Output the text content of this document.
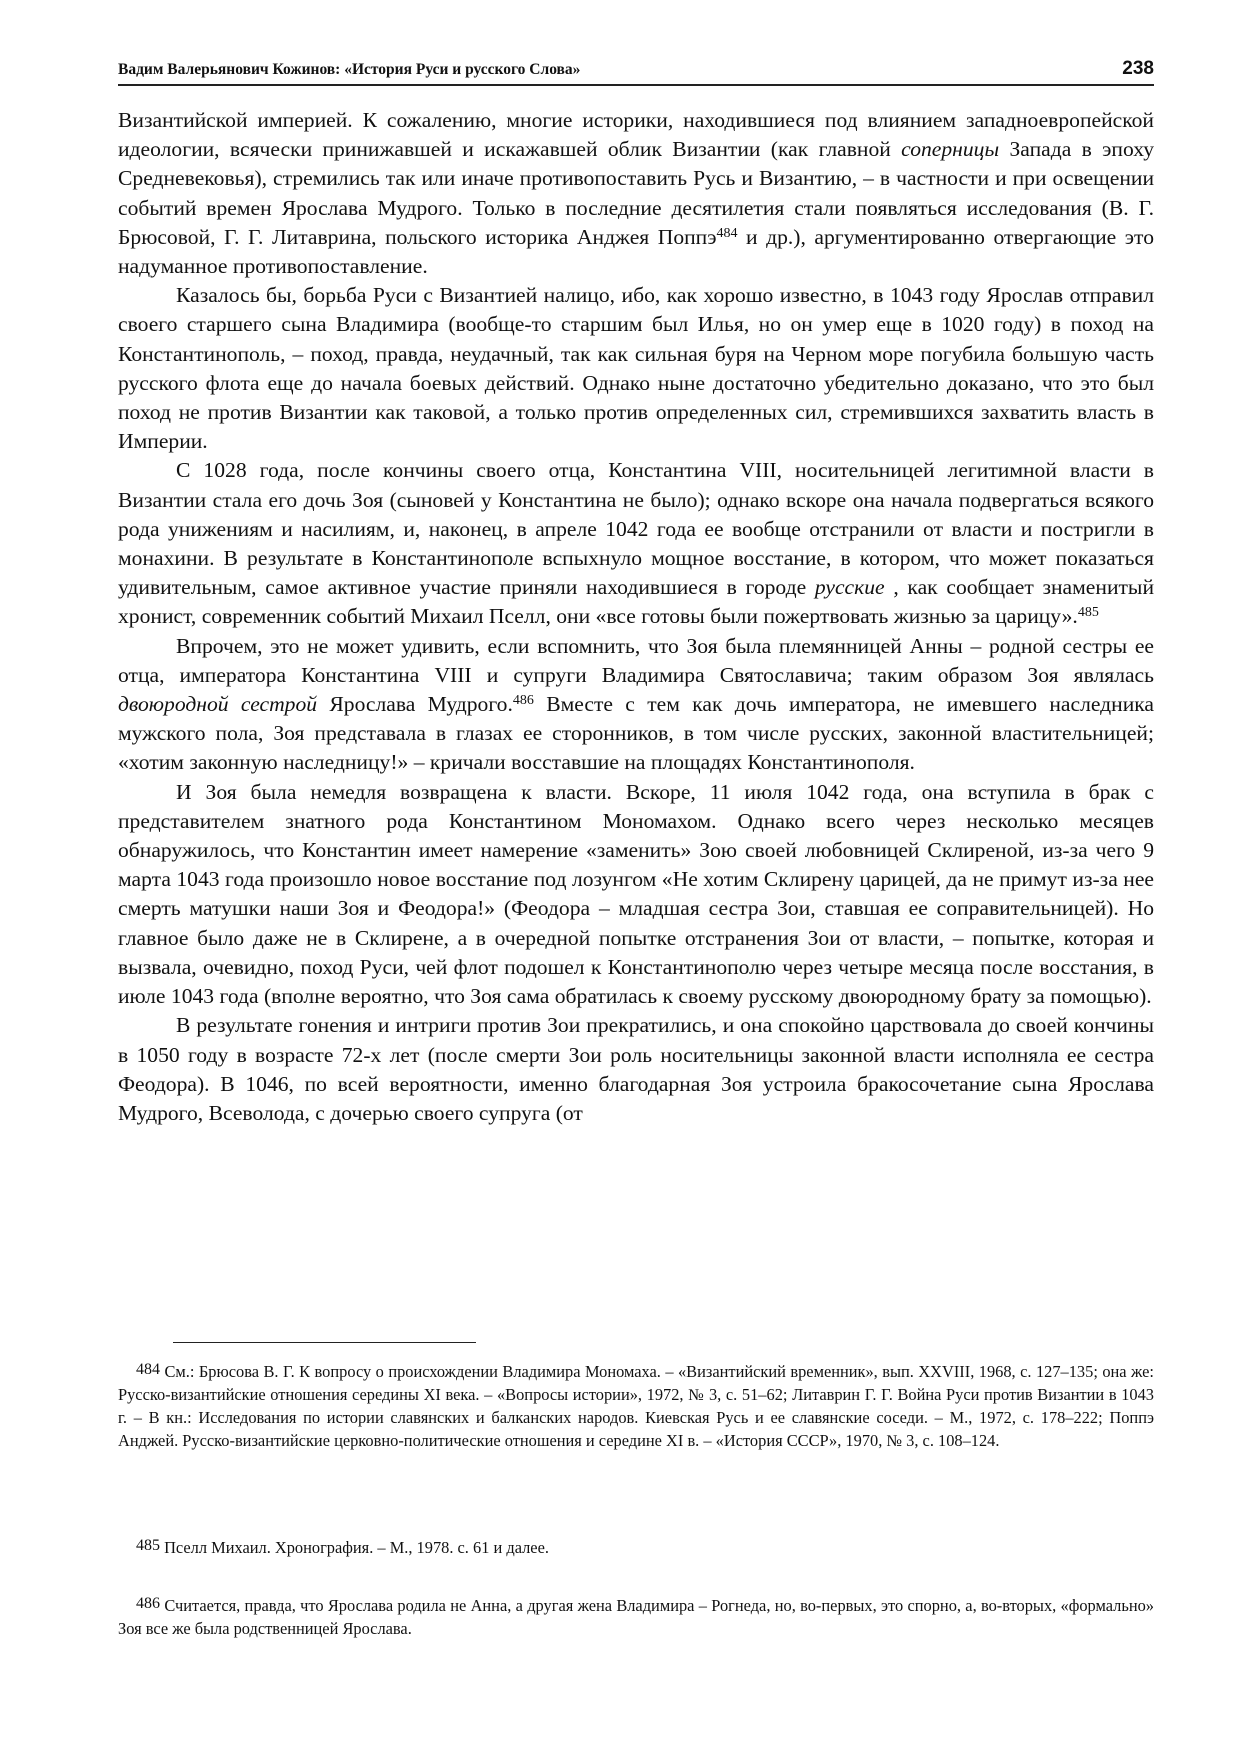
Вадим Валерьянович Кожинов: «История Руси и русского Слова»	238

Византийской империей. К сожалению, многие историки, находившиеся под влиянием западноевропейской идеологии, всячески принижавшей и искажавшей облик Византии (как главной соперницы Запада в эпоху Средневековья), стремились так или иначе противопоставить Русь и Византию, – в частности и при освещении событий времен Ярослава Мудрого. Только в последние десятилетия стали появляться исследования (В. Г. Брюсовой, Г. Г. Литаврина, польского историка Анджея Поппэ$^{484}$ и др.), аргументированно отвергающие это надуманное противопоставление.

Казалось бы, борьба Руси с Византией налицо, ибо, как хорошо известно, в 1043 году Ярослав отправил своего старшего сына Владимира (вообще-то старшим был Илья, но он умер еще в 1020 году) в поход на Константинополь, – поход, правда, неудачный, так как сильная буря на Черном море погубила большую часть русского флота еще до начала боевых действий. Однако ныне достаточно убедительно доказано, что это был поход не против Византии как таковой, а только против определенных сил, стремившихся захватить власть в Империи.

С 1028 года, после кончины своего отца, Константина VIII, носительницей легитимной власти в Византии стала его дочь Зоя (сыновей у Константина не было); однако вскоре она начала подвергаться всякого рода унижениям и насилиям, и, наконец, в апреле 1042 года ее вообще отстранили от власти и постригли в монахини. В результате в Константинополе вспыхнуло мощное восстание, в котором, что может показаться удивительным, самое активное участие приняли находившиеся в городе русские , как сообщает знаменитый хронист, современник событий Михаил Пселл, они «все готовы были пожертвовать жизнью за царицу».$^{485}$

Впрочем, это не может удивить, если вспомнить, что Зоя была племянницей Анны – родной сестры ее отца, императора Константина VIII и супруги Владимира Святославича; таким образом Зоя являлась двоюродной сестрой Ярослава Мудрого.$^{486}$ Вместе с тем как дочь императора, не имевшего наследника мужского пола, Зоя представала в глазах ее сторонников, в том числе русских, законной властительницей; «хотим законную наследницу!» – кричали восставшие на площадях Константинополя.

И Зоя была немедля возвращена к власти. Вскоре, 11 июля 1042 года, она вступила в брак с представителем знатного рода Константином Мономахом. Однако всего через несколько месяцев обнаружилось, что Константин имеет намерение «заменить» Зою своей любовницей Склиреной, из-за чего 9 марта 1043 года произошло новое восстание под лозунгом «Не хотим Склирену царицей, да не примут из-за нее смерть матушки наши Зоя и Феодора!» (Феодора – младшая сестра Зои, ставшая ее соправительницей). Но главное было даже не в Склирене, а в очередной попытке отстранения Зои от власти, – попытке, которая и вызвала, очевидно, поход Руси, чей флот подошел к Константинополю через четыре месяца после восстания, в июле 1043 года (вполне вероятно, что Зоя сама обратилась к своему русскому двоюродному брату за помощью).

В результате гонения и интриги против Зои прекратились, и она спокойно царствовала до своей кончины в 1050 году в возрасте 72-х лет (после смерти Зои роль носительницы законной власти исполняла ее сестра Феодора). В 1046, по всей вероятности, именно благодарная Зоя устроила бракосочетание сына Ярослава Мудрого, Всеволода, с дочерью своего супруга (от

$^{484}$ См.: Брюсова В. Г. К вопросу о происхождении Владимира Мономаха. – «Византийский временник», вып. XXVIII, 1968, с. 127–135; она же: Русско-византийские отношения середины XI века. – «Вопросы истории», 1972, № 3, с. 51–62; Литаврин Г. Г. Война Руси против Византии в 1043 г. – В кн.: Исследования по истории славянских и балканских народов. Киевская Русь и ее славянские соседи. – М., 1972, с. 178–222; Поппэ Анджей. Русско-византийские церковно-политические отношения и середине XI в. – «История СССР», 1970, № 3, с. 108–124.

$^{485}$ Пселл Михаил. Хронография. – М., 1978. с. 61 и далее.

$^{486}$ Считается, правда, что Ярослава родила не Анна, а другая жена Владимира – Рогнеда, но, во-первых, это спорно, а, во-вторых, «формально» Зоя все же была родственницей Ярослава.
